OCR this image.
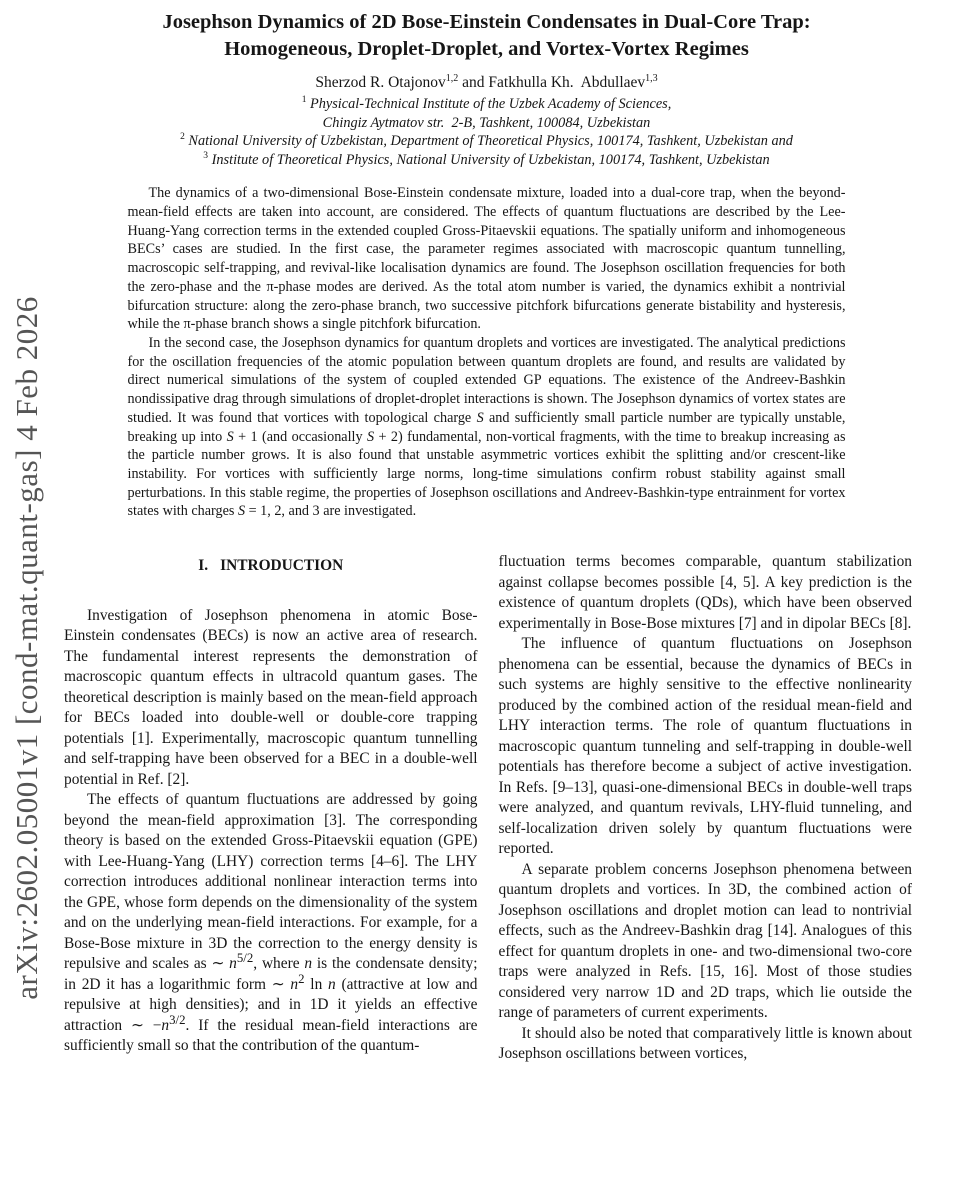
arXiv:2602.05001v1 [cond-mat.quant-gas] 4 Feb 2026
Josephson Dynamics of 2D Bose-Einstein Condensates in Dual-Core Trap:
Homogeneous, Droplet-Droplet, and Vortex-Vortex Regimes
Sherzod R. Otajonov$^{1,2}$ and Fatkhulla Kh.  Abdullaev$^{1,3}$
$^1$ Physical-Technical Institute of the Uzbek Academy of Sciences,
Chingiz Aytmatov str.  2-B, Tashkent, 100084, Uzbekistan
$^2$ National University of Uzbekistan, Department of Theoretical Physics, 100174, Tashkent, Uzbekistan and
$^3$ Institute of Theoretical Physics, National University of Uzbekistan, 100174, Tashkent, Uzbekistan

The dynamics of a two-dimensional Bose-Einstein condensate mixture, loaded into a dual-core trap, when the beyond-mean-field effects are taken into account, are considered. The effects of quantum fluctuations are described by the Lee-Huang-Yang correction terms in the extended coupled Gross-Pitaevskii equations. The spatially uniform and inhomogeneous BECs’ cases are studied. In the first case, the parameter regimes associated with macroscopic quantum tunnelling, macroscopic self-trapping, and revival-like localisation dynamics are found. The Josephson oscillation frequencies for both the zero-phase and the π-phase modes are derived. As the total atom number is varied, the dynamics exhibit a nontrivial bifurcation structure: along the zero-phase branch, two successive pitchfork bifurcations generate bistability and hysteresis, while the π-phase branch shows a single pitchfork bifurcation.

In the second case, the Josephson dynamics for quantum droplets and vortices are investigated. The analytical predictions for the oscillation frequencies of the atomic population between quantum droplets are found, and results are validated by direct numerical simulations of the system of coupled extended GP equations. The existence of the Andreev-Bashkin nondissipative drag through simulations of droplet-droplet interactions is shown. The Josephson dynamics of vortex states are studied. It was found that vortices with topological charge S and sufficiently small particle number are typically unstable, breaking up into S + 1 (and occasionally S + 2) fundamental, non-vortical fragments, with the time to breakup increasing as the particle number grows. It is also found that unstable asymmetric vortices exhibit the splitting and/or crescent-like instability. For vortices with sufficiently large norms, long-time simulations confirm robust stability against small perturbations. In this stable regime, the properties of Josephson oscillations and Andreev-Bashkin-type entrainment for vortex states with charges S = 1, 2, and 3 are investigated.

I. INTRODUCTION

Investigation of Josephson phenomena in atomic Bose-Einstein condensates (BECs) is now an active area of research. The fundamental interest represents the demonstration of macroscopic quantum effects in ultracold quantum gases. The theoretical description is mainly based on the mean-field approach for BECs loaded into double-well or double-core trapping potentials [1]. Experimentally, macroscopic quantum tunnelling and self-trapping have been observed for a BEC in a double-well potential in Ref. [2].

The effects of quantum fluctuations are addressed by going beyond the mean-field approximation [3]. The corresponding theory is based on the extended Gross-Pitaevskii equation (GPE) with Lee-Huang-Yang (LHY) correction terms [4–6]. The LHY correction introduces additional nonlinear interaction terms into the GPE, whose form depends on the dimensionality of the system and on the underlying mean-field interactions. For example, for a Bose-Bose mixture in 3D the correction to the energy density is repulsive and scales as ∼ $n^{5/2}$, where n is the condensate density; in 2D it has a logarithmic form ∼ $n^2$ ln n (attractive at low and repulsive at high densities); and in 1D it yields an effective attraction ∼ $-n^{3/2}$. If the residual mean-field interactions are sufficiently small so that the contribution of the quantum-

fluctuation terms becomes comparable, quantum stabilization against collapse becomes possible [4, 5]. A key prediction is the existence of quantum droplets (QDs), which have been observed experimentally in Bose-Bose mixtures [7] and in dipolar BECs [8].

The influence of quantum fluctuations on Josephson phenomena can be essential, because the dynamics of BECs in such systems are highly sensitive to the effective nonlinearity produced by the combined action of the residual mean-field and LHY interaction terms. The role of quantum fluctuations in macroscopic quantum tunneling and self-trapping in double-well potentials has therefore become a subject of active investigation. In Refs. [9–13], quasi-one-dimensional BECs in double-well traps were analyzed, and quantum revivals, LHY-fluid tunneling, and self-localization driven solely by quantum fluctuations were reported.

A separate problem concerns Josephson phenomena between quantum droplets and vortices. In 3D, the combined action of Josephson oscillations and droplet motion can lead to nontrivial effects, such as the Andreev-Bashkin drag [14]. Analogues of this effect for quantum droplets in one- and two-dimensional two-core traps were analyzed in Refs. [15, 16]. Most of those studies considered very narrow 1D and 2D traps, which lie outside the range of parameters of current experiments.

It should also be noted that comparatively little is known about Josephson oscillations between vortices,
